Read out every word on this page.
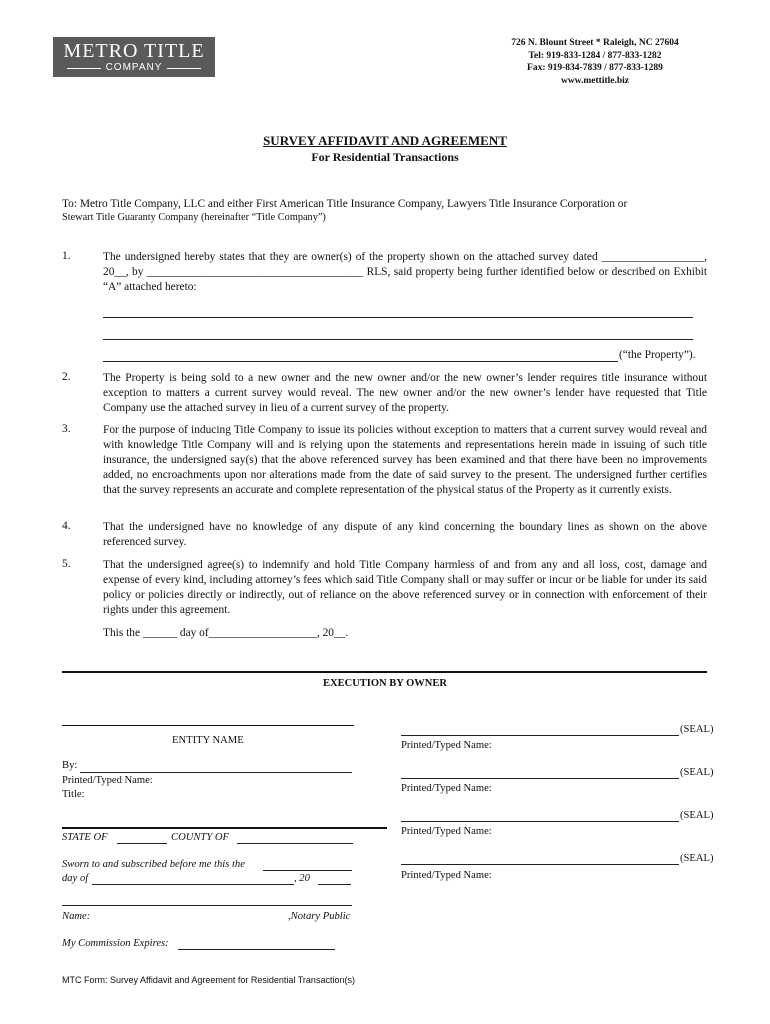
METRO TITLE
COMPANY
726 N. Blount Street * Raleigh, NC 27604
Tel: 919-833-1284 / 877-833-1282
Fax: 919-834-7839 / 877-833-1289
www.mettitle.biz
SURVEY AFFIDAVIT AND AGREEMENT
For Residential Transactions
To: Metro Title Company, LLC and either First American Title Insurance Company, Lawyers Title Insurance Corporation or
Stewart Title Guaranty Company (hereinafter “Title Company”)
1.	The undersigned hereby states that they are owner(s) of the property shown on the attached survey dated __________________, 20__, by ______________________________________ RLS, said property being further identified below or described on Exhibit “A” attached hereto:
(“the Property”).
2.	The Property is being sold to a new owner and the new owner and/or the new owner’s lender requires title insurance without exception to matters a current survey would reveal. The new owner and/or the new owner’s lender have requested that Title Company use the attached survey in lieu of a current survey of the property.
3.	For the purpose of inducing Title Company to issue its policies without exception to matters that a current survey would reveal and with knowledge Title Company will and is relying upon the statements and representations herein made in issuing of such title insurance, the undersigned say(s) that the above referenced survey has been examined and that there have been no improvements added, no encroachments upon nor alterations made from the date of said survey to the present. The undersigned further certifies that the survey represents an accurate and complete representation of the physical status of the Property as it currently exists.
4.	That the undersigned have no knowledge of any dispute of any kind concerning the boundary lines as shown on the above referenced survey.
5.	That the undersigned agree(s) to indemnify and hold Title Company harmless of and from any and all loss, cost, damage and expense of every kind, including attorney’s fees which said Title Company shall or may suffer or incur or be liable for under its said policy or policies directly or indirectly, out of reliance on the above referenced survey or in connection with enforcement of their rights under this agreement.
This the ______ day of___________________, 20__.
EXECUTION BY OWNER
ENTITY NAME
By:
Printed/Typed Name:
Title:
STATE OF	COUNTY OF
Sworn to and subscribed before me this the
day of	, 20
Name:	,Notary Public
My Commission Expires:
(SEAL)
Printed/Typed Name:
(SEAL)
Printed/Typed Name:
(SEAL)
Printed/Typed Name:
(SEAL)
Printed/Typed Name:
MTC Form: Survey Affidavit and Agreement for Residential Transaction(s)
